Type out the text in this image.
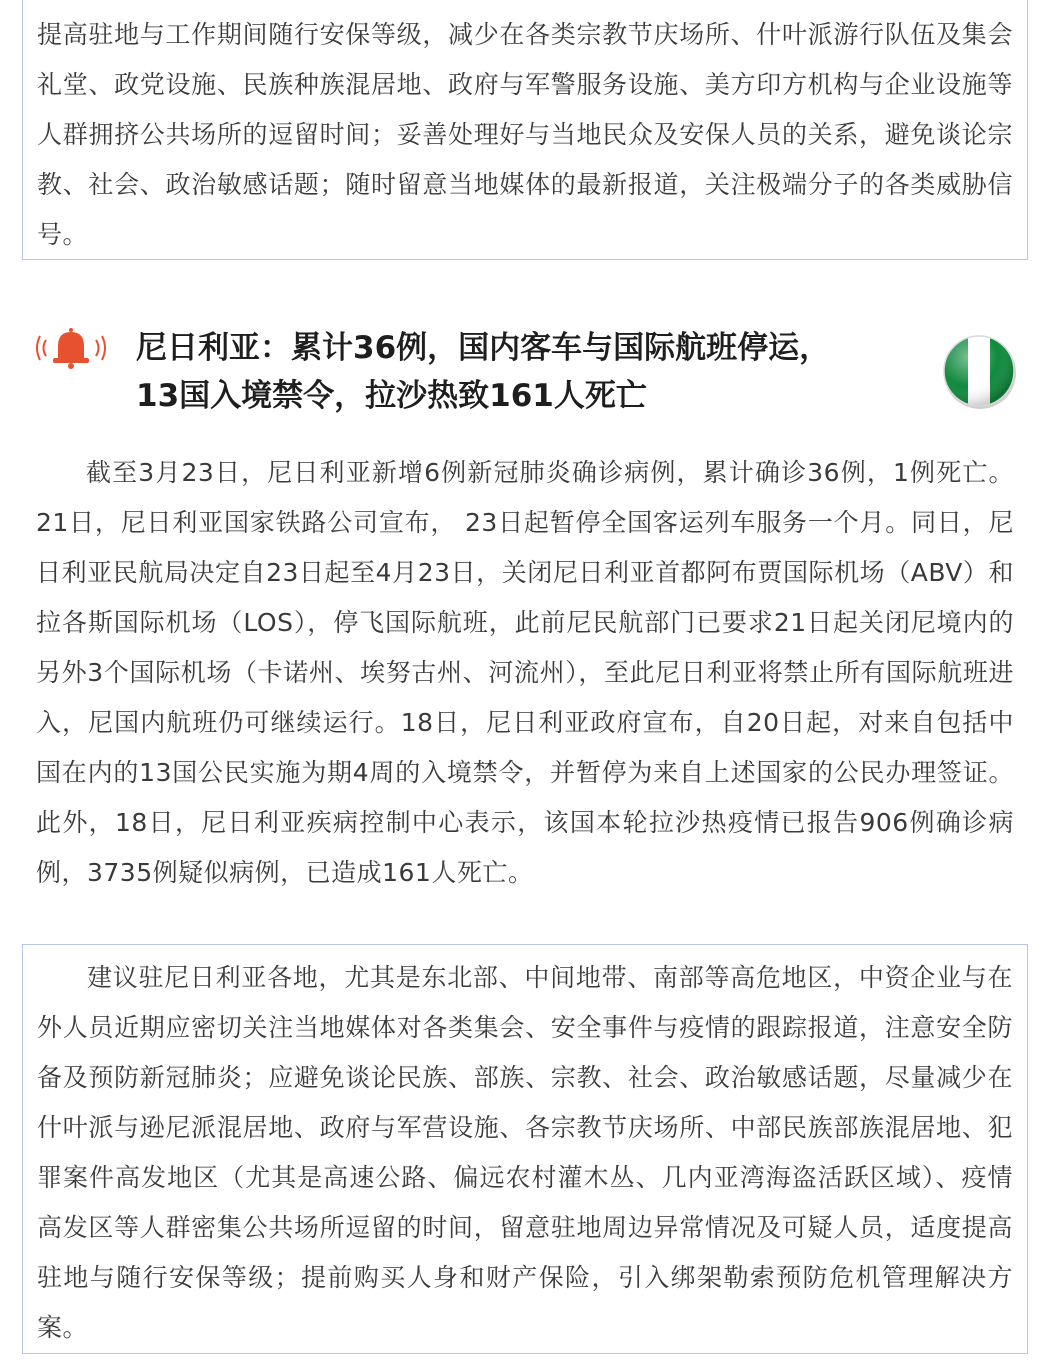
提高驻地与工作期间随行安保等级，减少在各类宗教节庆场所、什叶派游行队伍及集会礼堂、政党设施、民族种族混居地、政府与军警服务设施、美方印方机构与企业设施等人群拥挤公共场所的逗留时间；妥善处理好与当地民众及安保人员的关系，避免谈论宗教、社会、政治敏感话题；随时留意当地媒体的最新报道，关注极端分子的各类威胁信号。

尼日利亚：累计36例，国内客车与国际航班停运，
13国入境禁令，拉沙热致161人死亡

截至3月23日，尼日利亚新增6例新冠肺炎确诊病例，累计确诊36例，1例死亡。21日，尼日利亚国家铁路公司宣布， 23日起暂停全国客运列车服务一个月。同日，尼日利亚民航局决定自23日起至4月23日，关闭尼日利亚首都阿布贾国际机场（ABV）和拉各斯国际机场（LOS），停飞国际航班，此前尼民航部门已要求21日起关闭尼境内的另外3个国际机场（卡诺州、埃努古州、河流州），至此尼日利亚将禁止所有国际航班进入，尼国内航班仍可继续运行。18日，尼日利亚政府宣布，自20日起，对来自包括中国在内的13国公民实施为期4周的入境禁令，并暂停为来自上述国家的公民办理签证。此外，18日，尼日利亚疾病控制中心表示，该国本轮拉沙热疫情已报告906例确诊病例，3735例疑似病例，已造成161人死亡。

建议驻尼日利亚各地，尤其是东北部、中间地带、南部等高危地区，中资企业与在外人员近期应密切关注当地媒体对各类集会、安全事件与疫情的跟踪报道，注意安全防备及预防新冠肺炎；应避免谈论民族、部族、宗教、社会、政治敏感话题，尽量减少在什叶派与逊尼派混居地、政府与军营设施、各宗教节庆场所、中部民族部族混居地、犯罪案件高发地区（尤其是高速公路、偏远农村灌木丛、几内亚湾海盗活跃区域）、疫情高发区等人群密集公共场所逗留的时间，留意驻地周边异常情况及可疑人员，适度提高驻地与随行安保等级；提前购买人身和财产保险，引入绑架勒索预防危机管理解决方案。
